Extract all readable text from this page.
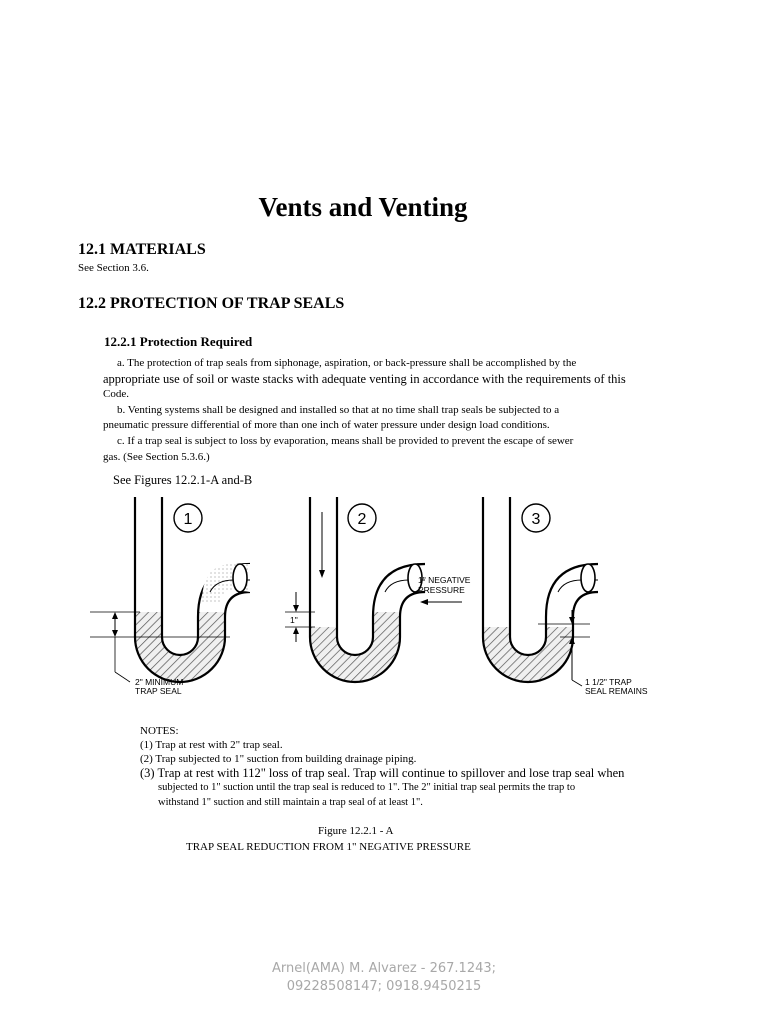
Vents and Venting
12.1 MATERIALS
See Section 3.6.
12.2 PROTECTION OF TRAP SEALS
12.2.1 Protection Required
a. The protection of trap seals from siphonage, aspiration, or back-pressure shall be accomplished by the
appropriate use of soil or waste stacks with adequate venting in accordance with the requirements of this
Code.
b. Venting systems shall be designed and installed so that at no time shall trap seals be subjected to a
pneumatic pressure differential of more than one inch of water pressure under design load conditions.
c. If a trap seal is subject to loss by evaporation, means shall be provided to prevent the escape of sewer
gas. (See Section 5.3.6.)
See Figures 12.2.1-A and-B
1
2" MINIMUM
TRAP SEAL
1"
1" NEGATIVE
PRESSURE
2	3
1 1/2" TRAP
SEAL REMAINS
NOTES:
(1) Trap at rest with 2" trap seal.
(2) Trap subjected to 1" suction from building drainage piping.
(3) Trap at rest with 112" loss of trap seal. Trap will continue to spillover and lose trap seal when
subjected to 1" suction until the trap seal is reduced to 1". The 2" initial trap seal permits the trap to
withstand 1" suction and still maintain a trap seal of at least 1".
Figure 12.2.1 - A
TRAP SEAL REDUCTION FROM 1" NEGATIVE PRESSURE
Arnel(AMA) M. Alvarez - 267.1243;
09228508147; 0918.9450215
